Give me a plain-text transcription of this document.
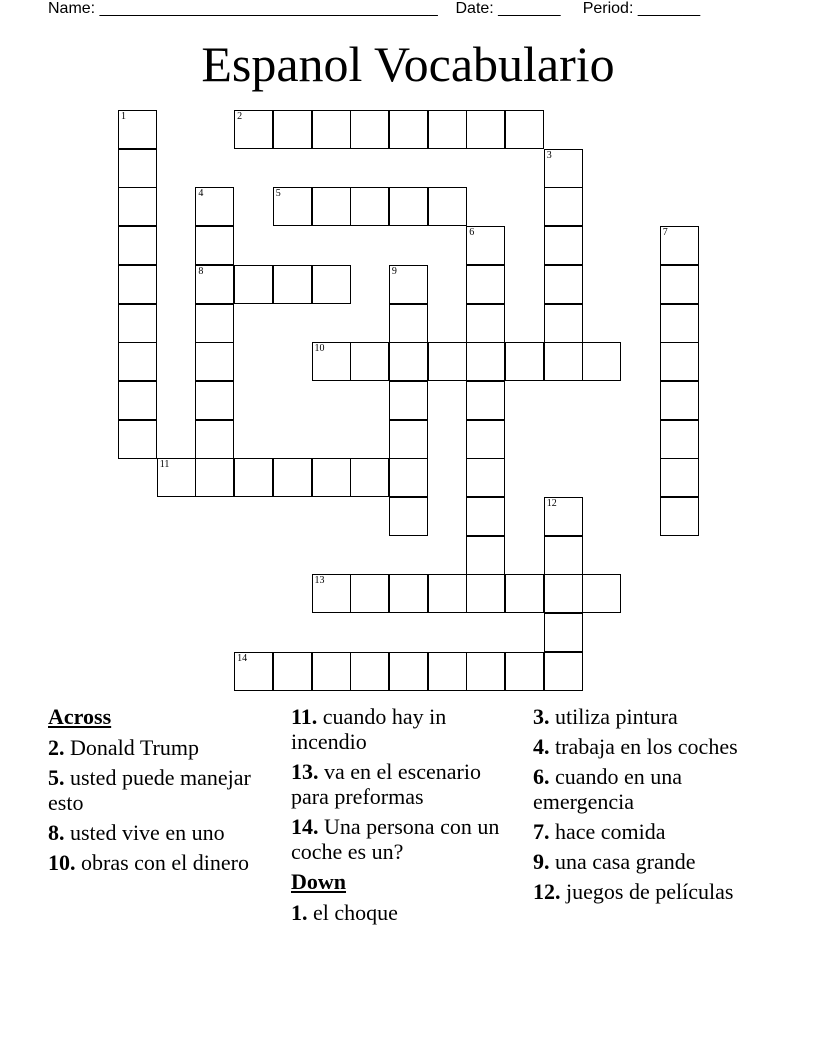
Name: ______________________________________    Date: _______     Period: _______
Espanol Vocabulario
1	2
3
4
8
5
6	7
9
10
11
12
13
14
Across
2. Donald Trump
5. usted puede manejar esto
8. usted vive en uno
10. obras con el dinero
11. cuando hay in incendio
13. va en el escenario para preformas
14. Una persona con un coche es un?
Down
1. el choque
3. utiliza pintura
4. trabaja en los coches
6. cuando en una emergencia
7. hace comida
9. una casa grande
12. juegos de películas
